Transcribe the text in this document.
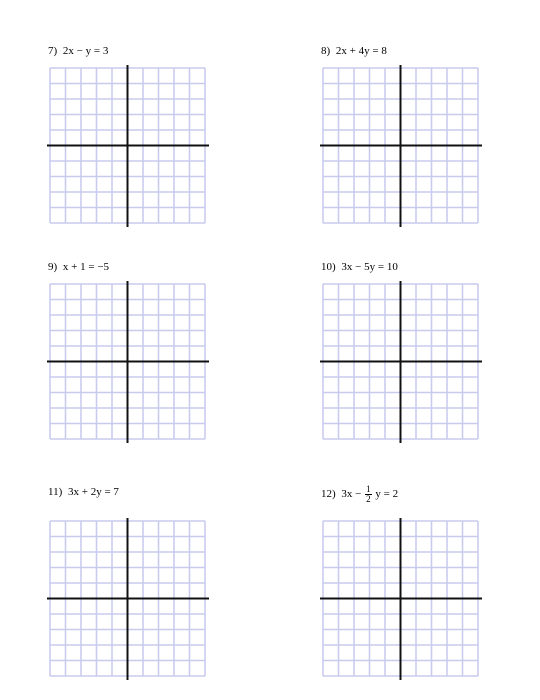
7) 2x − y = 3	8) 2x + 4y = 8
9) x + 1 = −5	10) 3x − 5y = 10
11) 3x + 2y = 7	12) $3x - \frac{1}{2}$ y = 2
